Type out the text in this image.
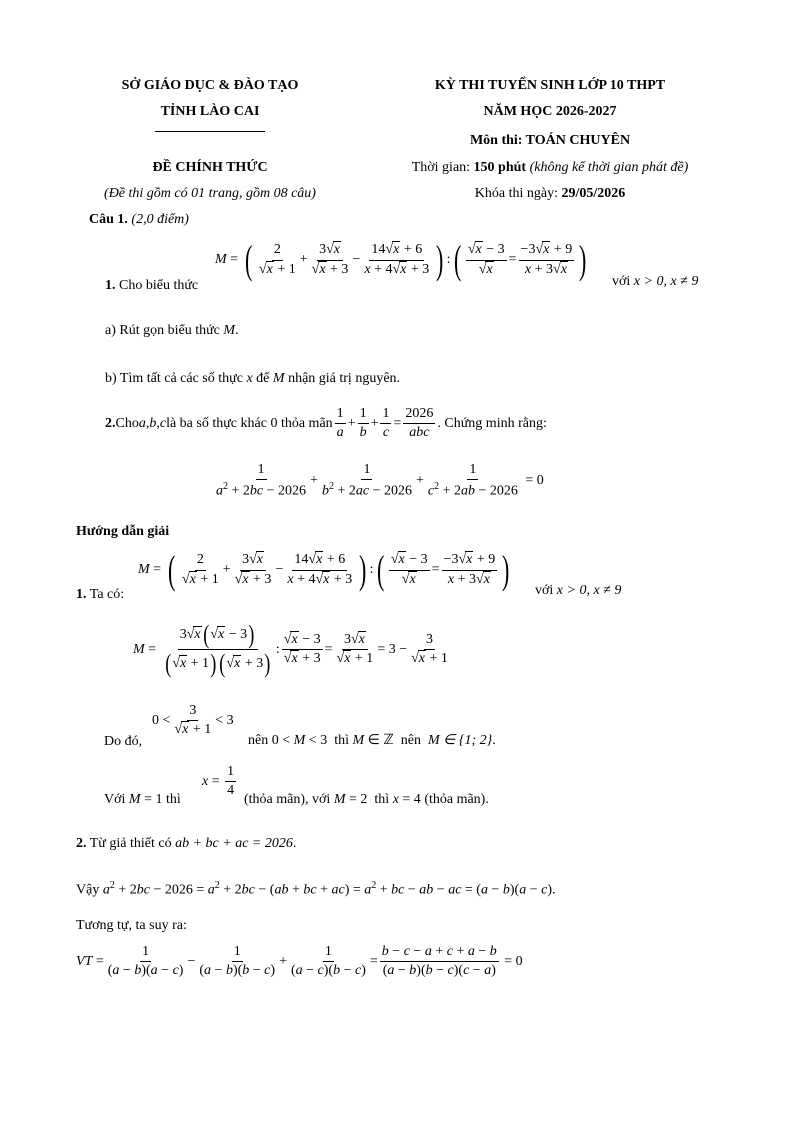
SỞ GIÁO DỤC & ĐÀO TẠO
TỈNH LÀO CAI
ĐỀ CHÍNH THỨC
(Đề thi gồm có 01 trang, gồm 08 câu)
KỲ THI TUYỂN SINH LỚP 10 THPT
NĂM HỌC 2026-2027
Môn thi: TOÁN CHUYÊN
Thời gian: 150 phút (không kể thời gian phát đề)
Khóa thi ngày: 29/05/2026
Câu 1. (2,0 điểm)
M = ( 2
√x + 1
+
3√x
√x + 3
−
14√x + 6
x + 4√x + 3 ) : ( √x − 3
√x
=
−3√x + 9
x + 3√x )
1. Cho biểu thức	với x > 0, x ≠ 9
a) Rút gọn biểu thức M.
b) Tìm tất cả các số thực x để M nhận giá trị nguyên.
2. Cho a,b,c là ba số thực khác 0 thỏa mãn
1
a
+
1
b
+
1
c
=
2026
abc
. Chứng minh rằng:
1
$a^2 + 2bc - 2026$
+
1
$b^2 + 2ac - 2026$
+
1
$c^2 + 2ab - 2026$
= 0
Hướng dẫn giải
M = ( 2
√x + 1
+
3√x
√x + 3
−
14√x + 6
x + 4√x + 3 ) : ( √x − 3
√x
=
−3√x + 9
x + 3√x )
1. Ta có:	với x > 0, x ≠ 9
M =
3√x(√x − 3)
(√x + 1) (√x + 3) :
√x − 3
√x + 3
=
3√x
√x + 1
= 3 −
3
√x + 1
0 <
3
√x + 1
< 3
Do đó,	nên 0 < M < 3  thì M ∈ ℤ  nên M ∈ {1; 2}.
Với M = 1 thì
x =
1
4
(thỏa mãn), với M = 2  thì x = 4 (thỏa mãn).
2. Từ giả thiết có ab + bc + ac = 2026.
Vậy $a^2 + 2bc - 2026 = a^2 + 2bc - (ab$ + bc + $ac) = a^2$ + bc − ab − ac = (a − b)(a − c).
Tương tự, ta suy ra:
VT =
1
(a − b)(a − c)
−
1
(a − b)(b − c)
+
1
(a − c)(b − c)
=
b − c − a + c + a − b
(a − b)(b − c)(c − a)
= 0
